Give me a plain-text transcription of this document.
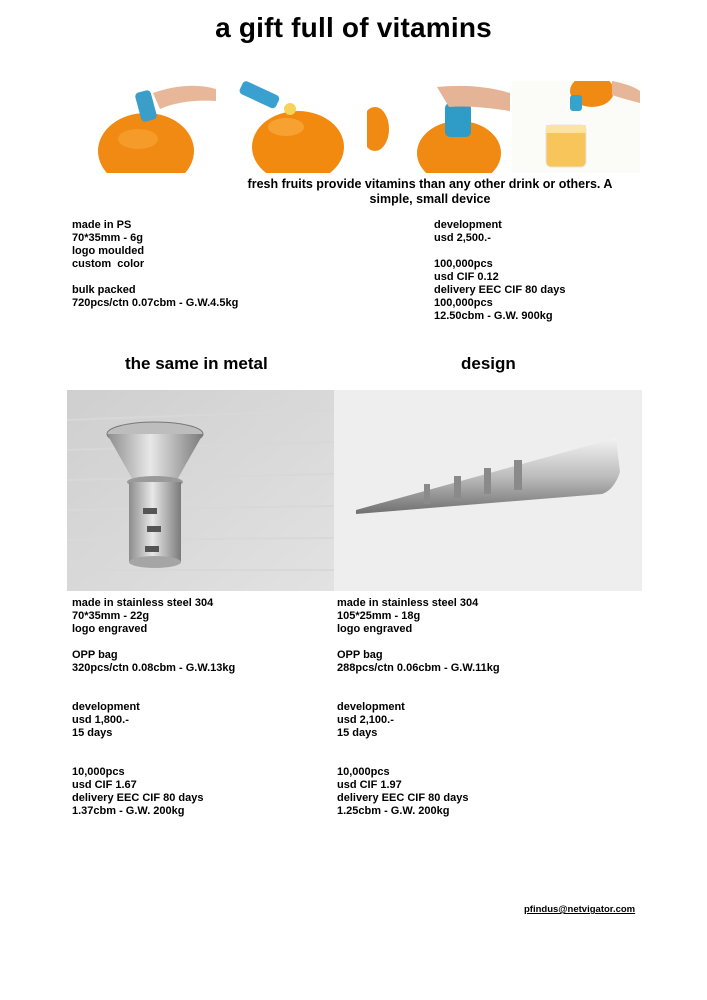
a gift full of vitamins
fresh fruits provide vitamins than any other drink or others. A
simple, small device
made in PS
70*35mm - 6g
logo moulded
custom  color

bulk packed
720pcs/ctn 0.07cbm - G.W.4.5kg
development
usd 2,500.-

100,000pcs
usd CIF 0.12
delivery EEC CIF 80 days
100,000pcs
12.50cbm - G.W. 900kg
the same in metal	design
made in stainless steel 304
70*35mm - 22g
logo engraved

OPP bag
320pcs/ctn 0.08cbm - G.W.13kg

development
usd 1,800.-
15 days

10,000pcs
usd CIF 1.67
delivery EEC CIF 80 days
1.37cbm - G.W. 200kg
made in stainless steel 304
105*25mm - 18g
logo engraved

OPP bag
288pcs/ctn 0.06cbm - G.W.11kg

development
usd 2,100.-
15 days

10,000pcs
usd CIF 1.97
delivery EEC CIF 80 days
1.25cbm - G.W. 200kg
pfindus@netvigator.com
